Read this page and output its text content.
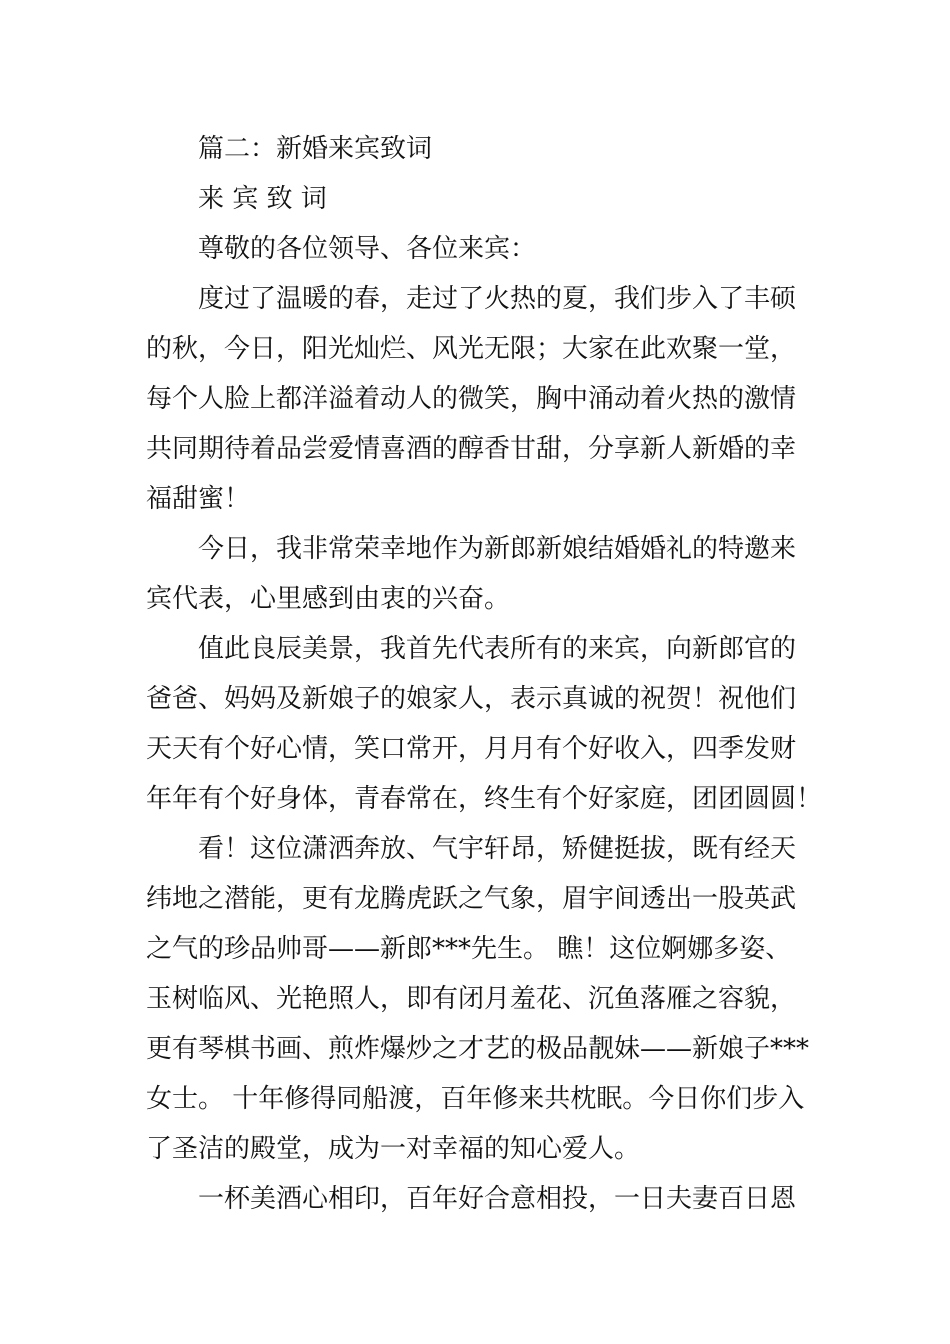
篇二：新婚来宾致词
来 宾 致 词
尊敬的各位领导、各位来宾：
度过了温暖的春，走过了火热的夏，我们步入了丰硕
的秋，今日，阳光灿烂、风光无限；大家在此欢聚一堂，
每个人脸上都洋溢着动人的微笑，胸中涌动着火热的激情
共同期待着品尝爱情喜酒的醇香甘甜，分享新人新婚的幸
福甜蜜！
今日，我非常荣幸地作为新郎新娘结婚婚礼的特邀来
宾代表，心里感到由衷的兴奋。
值此良辰美景，我首先代表所有的来宾，向新郎官的
爸爸、妈妈及新娘子的娘家人，表示真诚的祝贺！祝他们
天天有个好心情，笑口常开，月月有个好收入，四季发财
年年有个好身体，青春常在，终生有个好家庭，团团圆圆！
看！这位潇洒奔放、气宇轩昂，矫健挺拔，既有经天
纬地之潜能，更有龙腾虎跃之气象，眉宇间透出一股英武
之气的珍品帅哥——新郎***先生。 瞧！这位婀娜多姿、
玉树临风、光艳照人，即有闭月羞花、沉鱼落雁之容貌，
更有琴棋书画、煎炸爆炒之才艺的极品靓妹——新娘子***
女士。 十年修得同船渡，百年修来共枕眠。今日你们步入
了圣洁的殿堂，成为一对幸福的知心爱人。
一杯美酒心相印，百年好合意相投，一日夫妻百日恩
